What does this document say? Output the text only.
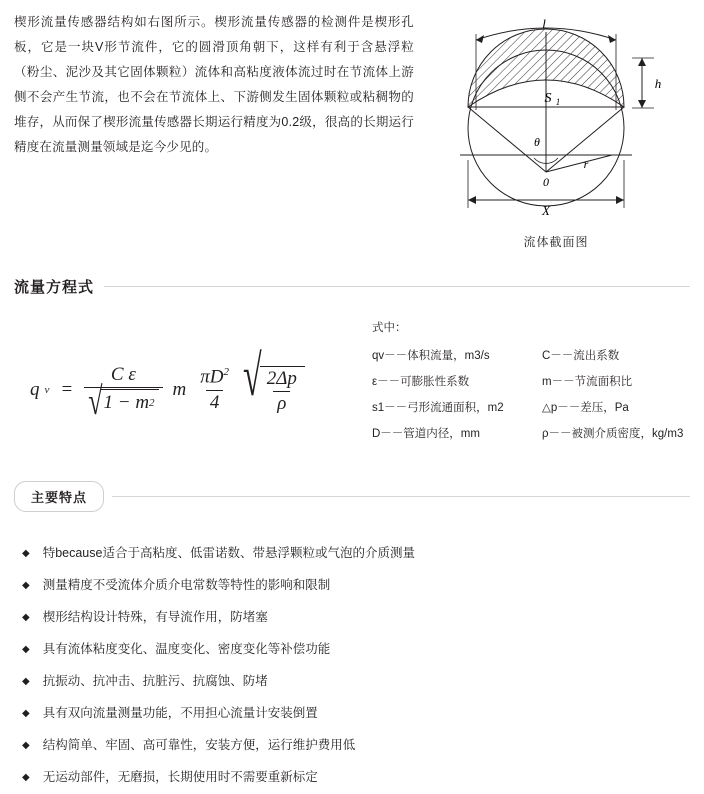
楔形流量传感器结构如右图所示。楔形流量传感器的检测件是楔形孔板，它是一块V形节流件，它的圆滑顶角朝下，这样有利于含悬浮粒（粉尘、泥沙及其它固体颗粒）流体和高粘度液体流过时在节流体上游侧不会产生节流，也不会在节流体上、下游侧发生固体颗粒或粘稠物的堆存，从而保了楔形流量传感器长期运行精度为0.2级，很高的长期运行精度在流量测量领域是迄今少见的。
l
h
X
S 1
θ
r
0
流体截面图
流量方程式
q $v = \frac{\text{C ε}}{√ 1 - m 2}$ m $\frac{\pi D^2}{4}$ √ $\frac{2\Delta p}{\rho}$
式中：
qv－－体积流量，m3/s	C－－流出系数
ε－－可膨胀性系数	m－－节流面积比
s1－－弓形流通面积，m2	△p－－差压，Pa
D－－管道内径，mm	ρ－－被测介质密度，kg/m3
主要特点
◆ 特because适合于高粘度、低雷诺数、带悬浮颗粒或气泡的介质测量
◆ 测量精度不受流体介质介电常数等特性的影响和限制
◆ 楔形结构设计特殊，有导流作用，防堵塞
◆ 具有流体粘度变化、温度变化、密度变化等补偿功能
◆ 抗振动、抗冲击、抗脏污、抗腐蚀、防堵
◆ 具有双向流量测量功能，不用担心流量计安装倒置
◆ 结构简单、牢固、高可靠性，安装方便，运行维护费用低
◆ 无运动部件，无磨损，长期使用时不需要重新标定
